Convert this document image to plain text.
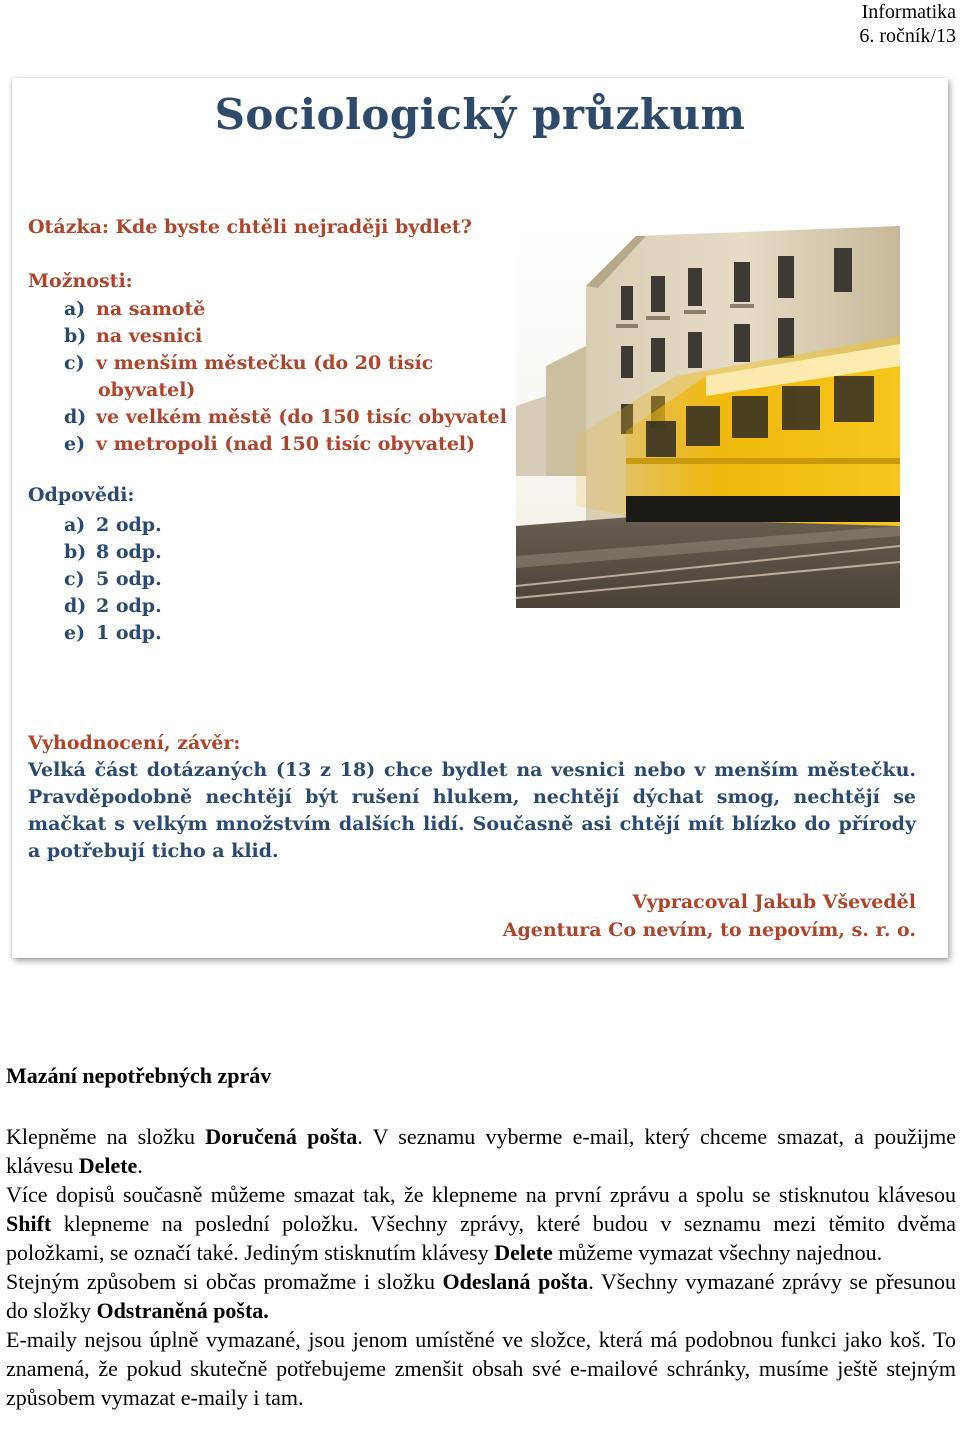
Informatika
6. ročník/13
Sociologický průzkum
Otázka: Kde byste chtěli nejraději bydlet?
Možnosti:
a) na samotě
b) na vesnici
c) v menším městečku (do 20 tisíc
obyvatel)
d) ve velkém městě (do 150 tisíc obyvatel
e) v metropoli (nad 150 tisíc obyvatel)
Odpovědi:
a) 2 odp.
b) 8 odp.
c) 5 odp.
d) 2 odp.
e) 1 odp.
Vyhodnocení, závěr:
Velká část dotázaných (13 z 18) chce bydlet na vesnici nebo v menším městečku. Pravděpodobně nechtějí být rušení hlukem, nechtějí dýchat smog, nechtějí se mačkat s velkým množstvím dalších lidí. Současně asi chtějí mít blízko do přírody a potřebují ticho a klid.
Vypracoval Jakub Vševeděl
Agentura Co nevím, to nepovím, s. r. o.
Mazání nepotřebných zpráv

Klepněme na složku Doručená pošta. V seznamu vyberme e-mail, který chceme smazat, a použijme klávesu Delete.

Více dopisů současně můžeme smazat tak, že klepneme na první zprávu a spolu se stisknutou klávesou Shift klepneme na poslední položku. Všechny zprávy, které budou v seznamu mezi těmito dvěma položkami, se označí také. Jediným stisknutím klávesy Delete můžeme vymazat všechny najednou.

Stejným způsobem si občas promažme i složku Odeslaná pošta. Všechny vymazané zprávy se přesunou do složky Odstraněná pošta.

E-maily nejsou úplně vymazané, jsou jenom umístěné ve složce, která má podobnou funkci jako koš. To znamená, že pokud skutečně potřebujeme zmenšit obsah své e-mailové schránky, musíme ještě stejným způsobem vymazat e-maily i tam.
